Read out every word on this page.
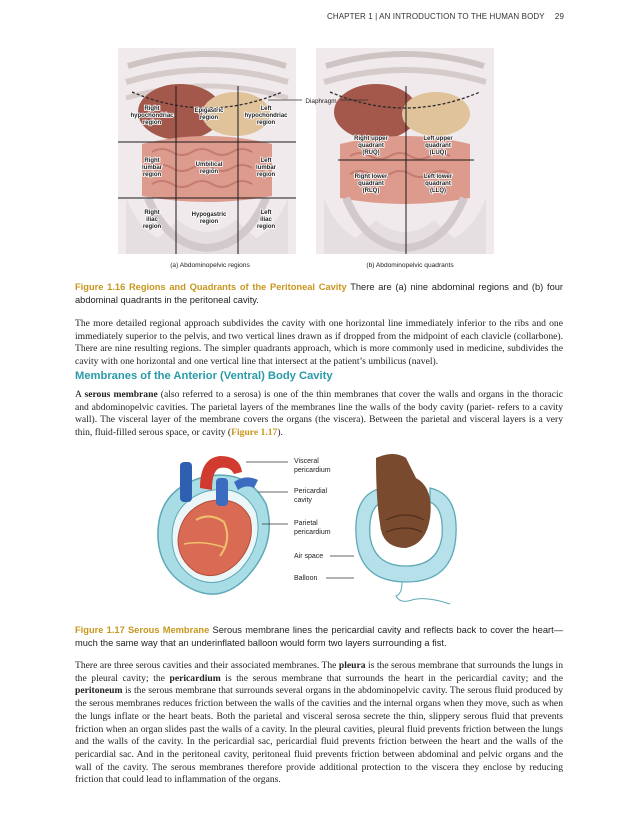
CHAPTER 1 | AN INTRODUCTION TO THE HUMAN BODY 29
Diaphragm
Right
hypochondriac
region
Epigastric
region
Left
hypochondriac
region
Right
lumbar
region
Umbilical
region
Left
lumbar
region
Right
iliac
region
Hypogastric
region
Left
iliac
region
Right upper
quadrant
(RUQ)
Left upper
quadrant
(LUQ)
Right lower
quadrant
(RLQ)
Left lower
quadrant
(LLQ)
(a) Abdominopelvic regions	(b) Abdominopelvic quadrants
Figure 1.16 Regions and Quadrants of the Peritoneal Cavity There are (a) nine abdominal regions and (b) four abdominal quadrants in the peritoneal cavity.
The more detailed regional approach subdivides the cavity with one horizontal line immediately inferior to the ribs and one immediately superior to the pelvis, and two vertical lines drawn as if dropped from the midpoint of each clavicle (collarbone). There are nine resulting regions. The simpler quadrants approach, which is more commonly used in medicine, subdivides the cavity with one horizontal and one vertical line that intersect at the patient’s umbilicus (navel).
Membranes of the Anterior (Ventral) Body Cavity
A serous membrane (also referred to a serosa) is one of the thin membranes that cover the walls and organs in the thoracic and abdominopelvic cavities. The parietal layers of the membranes line the walls of the body cavity (pariet- refers to a cavity wall). The visceral layer of the membrane covers the organs (the viscera). Between the parietal and visceral layers is a very thin, fluid-filled serous space, or cavity (Figure 1.17).
Visceral
pericardium
Pericardial
cavity
Parietal
pericardium
Air space
Balloon
Figure 1.17 Serous Membrane Serous membrane lines the pericardial cavity and reflects back to cover the heart—much the same way that an underinflated balloon would form two layers surrounding a fist.
There are three serous cavities and their associated membranes. The pleura is the serous membrane that surrounds the lungs in the pleural cavity; the pericardium is the serous membrane that surrounds the heart in the pericardial cavity; and the peritoneum is the serous membrane that surrounds several organs in the abdominopelvic cavity. The serous fluid produced by the serous membranes reduces friction between the walls of the cavities and the internal organs when they move, such as when the lungs inflate or the heart beats. Both the parietal and visceral serosa secrete the thin, slippery serous fluid that prevents friction when an organ slides past the walls of a cavity. In the pleural cavities, pleural fluid prevents friction between the lungs and the walls of the cavity. In the pericardial sac, pericardial fluid prevents friction between the heart and the walls of the pericardial sac. And in the peritoneal cavity, peritoneal fluid prevents friction between abdominal and pelvic organs and the wall of the cavity. The serous membranes therefore provide additional protection to the viscera they enclose by reducing friction that could lead to inflammation of the organs.
